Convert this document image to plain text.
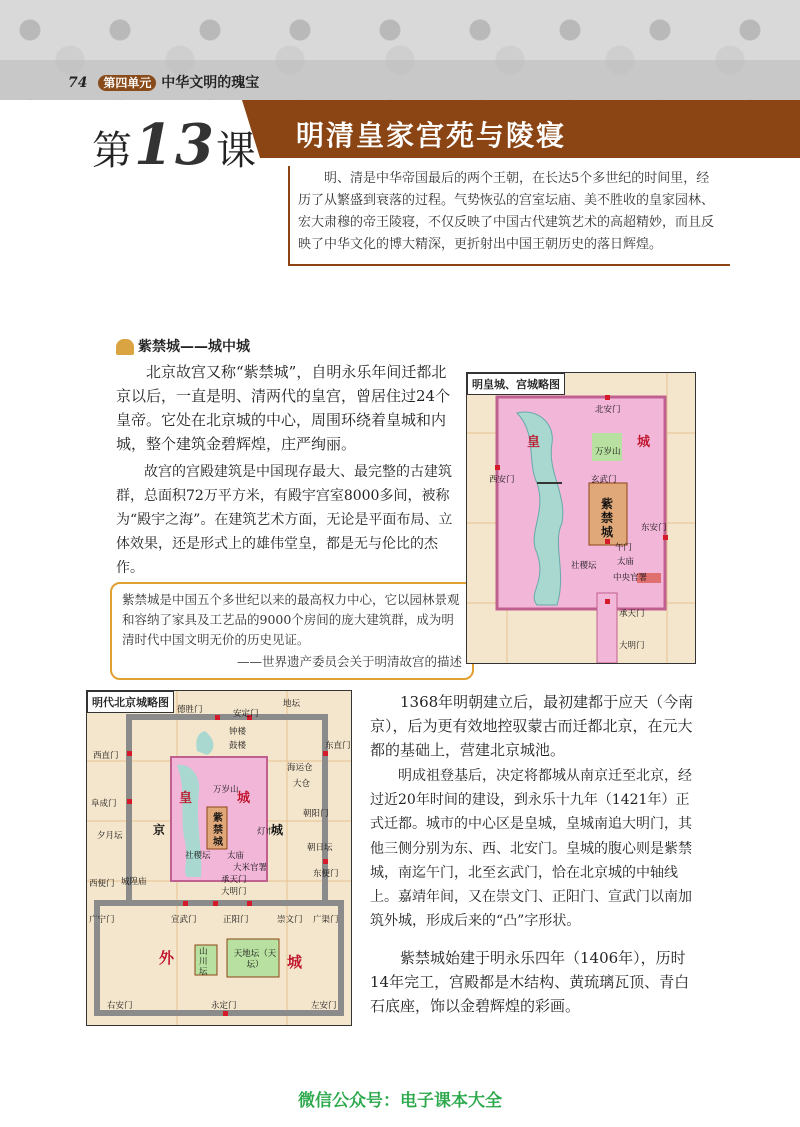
74 第四单元 中华文明的瑰宝
第13课 明清皇家宫苑与陵寝
明、清是中华帝国最后的两个王朝，在长达5个多世纪的时间里，经历了从繁盛到衰落的过程。气势恢弘的宫室坛庙、美不胜收的皇家园林、宏大肃穆的帝王陵寝，不仅反映了中国古代建筑艺术的高超精妙，而且反映了中华文化的博大精深，更折射出中国王朝历史的落日辉煌。
紫禁城——城中城
北京故宫又称“紫禁城”，自明永乐年间迁都北京以后，一直是明、清两代的皇宫，曾居住过24个皇帝。它处在北京城的中心，周围环绕着皇城和内城，整个建筑金碧辉煌，庄严绚丽。
故宫的宫殿建筑是中国现存最大、最完整的古建筑群，总面积72万平方米，有殿宇宫室8000多间，被称为“殿宇之海”。在建筑艺术方面，无论是平面布局、立体效果，还是形式上的雄伟堂皇，都是无与伦比的杰作。
紫禁城是中国五个多世纪以来的最高权力中心，它以园林景观和容纳了家具及工艺品的9000个房间的庞大建筑群，成为明清时代中国文明无价的历史见证。
——世界遗产委员会关于明清故宫的描述
明皇城、宫城略图
北安门
皇	城
万岁山
西安门	玄武门
紫禁城	东安门
午门
社稷坛 太庙
中央官署
承天门
大明门
明代北京城略图	地坛
德胜门	安定门
钟楼
鼓楼
西直门
东直门
海运仓
大仓
阜成门	皇	城
万岁山
朝阳门
夕月坛	京
紫禁城
灯市
城
社稷坛 太庙
朝日坛
大米官署
承天门
大明门
西便门 城隍庙
东便门
广宁门	宣武门	正阳门	崇文门 广渠门
外	城
山川坛
天地坛（天坛）
右安门	永定门	左安门
1368年明朝建立后，最初建都于应天（今南京），后为更有效地控驭蒙古而迁都北京，在元大都的基础上，营建北京城池。
明成祖登基后，决定将都城从南京迁至北京，经过近20年时间的建设，到永乐十九年（1421年）正式迁都。城市的中心区是皇城，皇城南追大明门，其他三侧分别为东、西、北安门。皇城的腹心则是紫禁城，南迄午门，北至玄武门，恰在北京城的中轴线上。嘉靖年间，又在崇文门、正阳门、宣武门以南加筑外城，形成后来的“凸”字形状。
紫禁城始建于明永乐四年（1406年），历时14年完工，宫殿都是木结构、黄琉璃瓦顶、青白石底座，饰以金碧辉煌的彩画。
微信公众号：电子课本大全
